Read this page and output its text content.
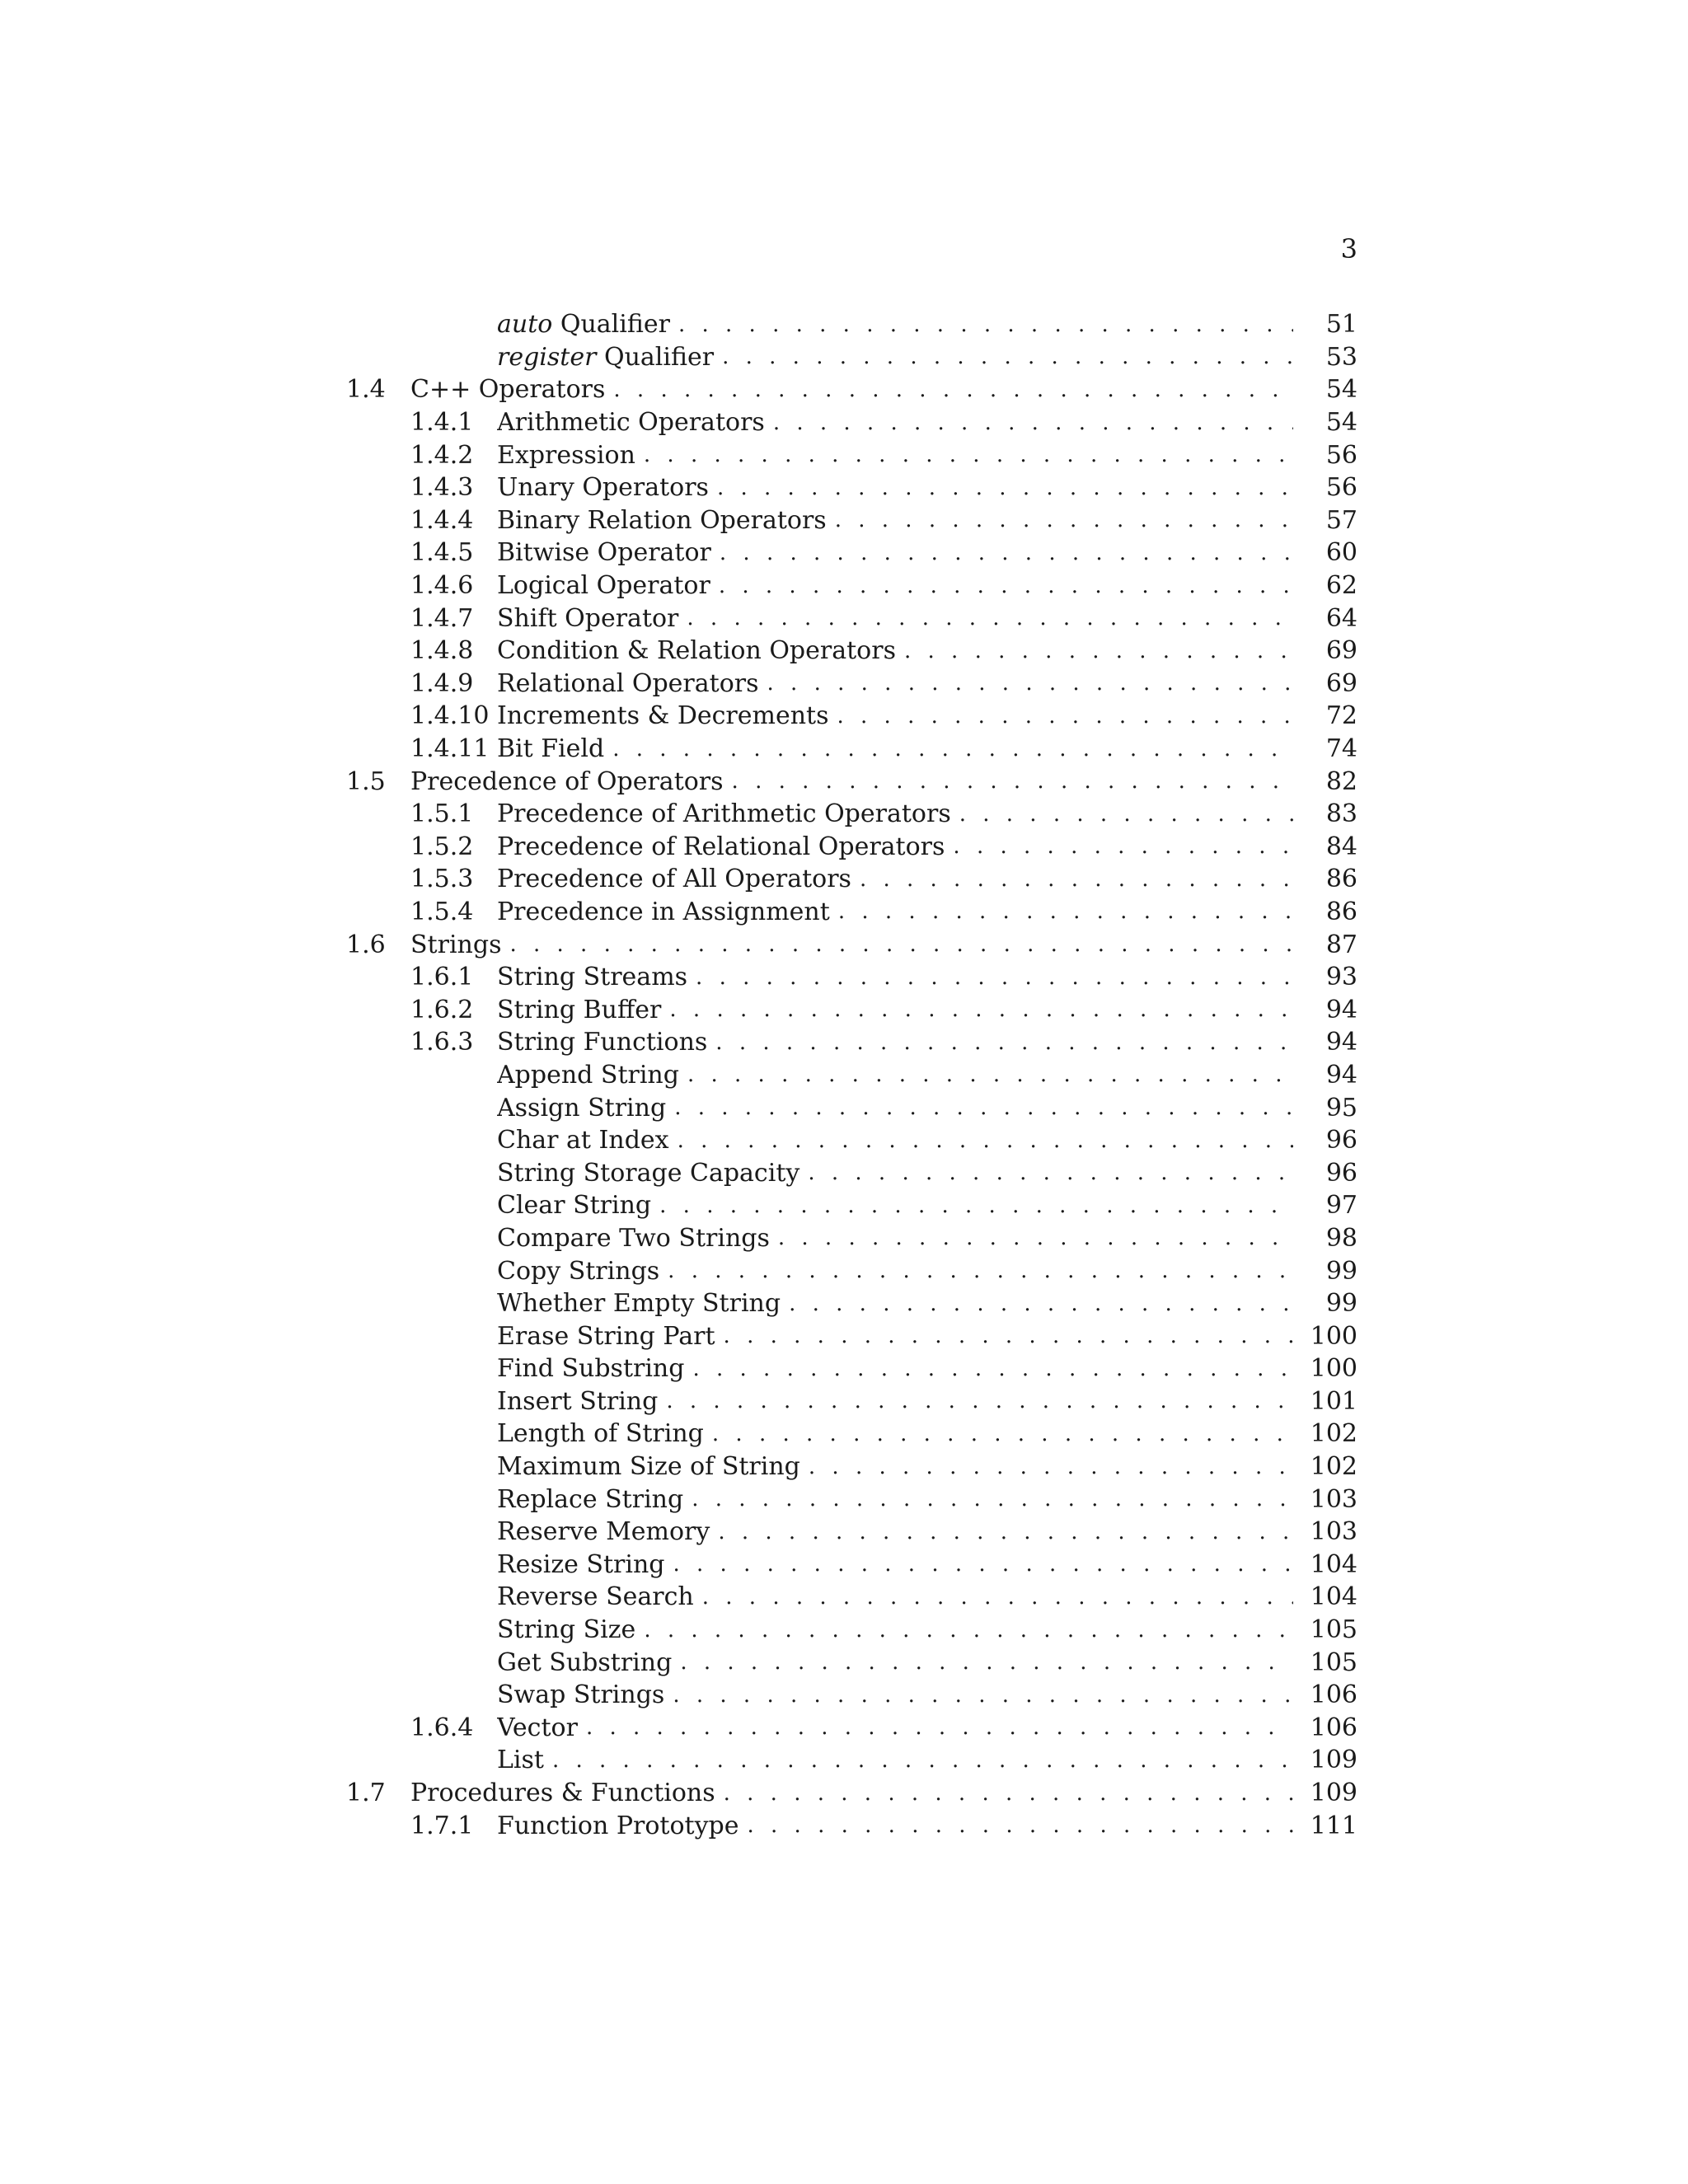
3
auto Qualifier . . .	51
register Qualifier . . .	53
1.4 C++ Operators . . .	54
1.4.1 Arithmetic Operators . . .	54
1.4.2 Expression . . .	56
1.4.3 Unary Operators . . .	56
1.4.4 Binary Relation Operators . . .	57
1.4.5 Bitwise Operator . . .	60
1.4.6 Logical Operator . . .	62
1.4.7 Shift Operator . . .	64
1.4.8 Condition & Relation Operators . . .	69
1.4.9 Relational Operators . . .	69
1.4.10 Increments & Decrements . . .	72
1.4.11 Bit Field . . .	74
1.5 Precedence of Operators . . .	82
1.5.1 Precedence of Arithmetic Operators . . .	83
1.5.2 Precedence of Relational Operators . . .	84
1.5.3 Precedence of All Operators . . .	86
1.5.4 Precedence in Assignment . . .	86
1.6 Strings . . .	87
1.6.1 String Streams . . .	93
1.6.2 String Buffer . . .	94
1.6.3 String Functions . . .	94
Append String . . .	94
Assign String . . .	95
Char at Index . . .	96
String Storage Capacity . . .	96
Clear String . . .	97
Compare Two Strings . . .	98
Copy Strings . . .	99
Whether Empty String . . .	99
Erase String Part . . .	100
Find Substring . . .	100
Insert String . . .	101
Length of String . . .	102
Maximum Size of String . . .	102
Replace String . . .	103
Reserve Memory . . .	103
Resize String . . .	104
Reverse Search . . .	104
String Size . . .	105
Get Substring . . .	105
Swap Strings . . .	106
1.6.4 Vector . . .	106
List . . .	109
1.7 Procedures & Functions . . .	109
1.7.1 Function Prototype . . .	111
